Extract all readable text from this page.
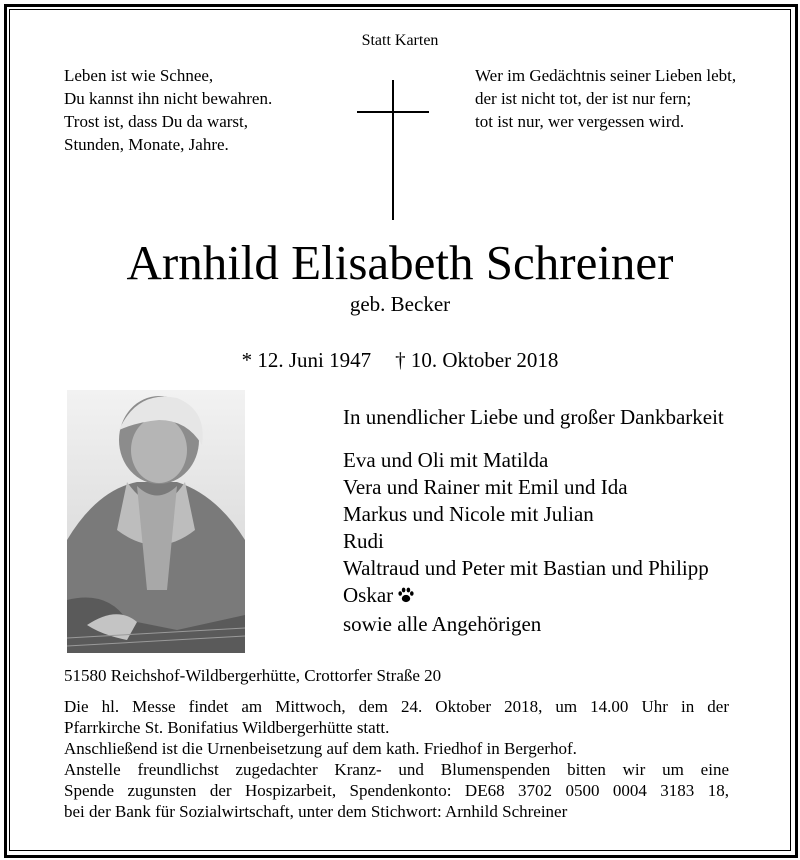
Statt Karten
Leben ist wie Schnee,
Du kannst ihn nicht bewahren.
Trost ist, dass Du da warst,
Stunden, Monate, Jahre.
Wer im Gedächtnis seiner Lieben lebt,
der ist nicht tot, der ist nur fern;
tot ist nur, wer vergessen wird.
Arnhild Elisabeth Schreiner
geb. Becker
* 12. Juni 1947 † 10. Oktober 2018
In unendlicher Liebe und großer Dankbarkeit
Eva und Oli mit Matilda
Vera und Rainer mit Emil und Ida
Markus und Nicole mit Julian
Rudi
Waltraud und Peter mit Bastian und Philipp
Oskar
sowie alle Angehörigen
51580 Reichshof-Wildbergerhütte, Crottorfer Straße 20

Die hl. Messe findet am Mittwoch, dem 24. Oktober 2018, um 14.00 Uhr in der

Pfarrkirche St. Bonifatius Wildbergerhütte statt.

Anschließend ist die Urnenbeisetzung auf dem kath. Friedhof in Bergerhof.

Anstelle freundlichst zugedachter Kranz- und Blumenspenden bitten wir um eine

Spende zugunsten der Hospizarbeit, Spendenkonto: DE68 3702 0500 0004 3183 18,

bei der Bank für Sozialwirtschaft, unter dem Stichwort: Arnhild Schreiner
